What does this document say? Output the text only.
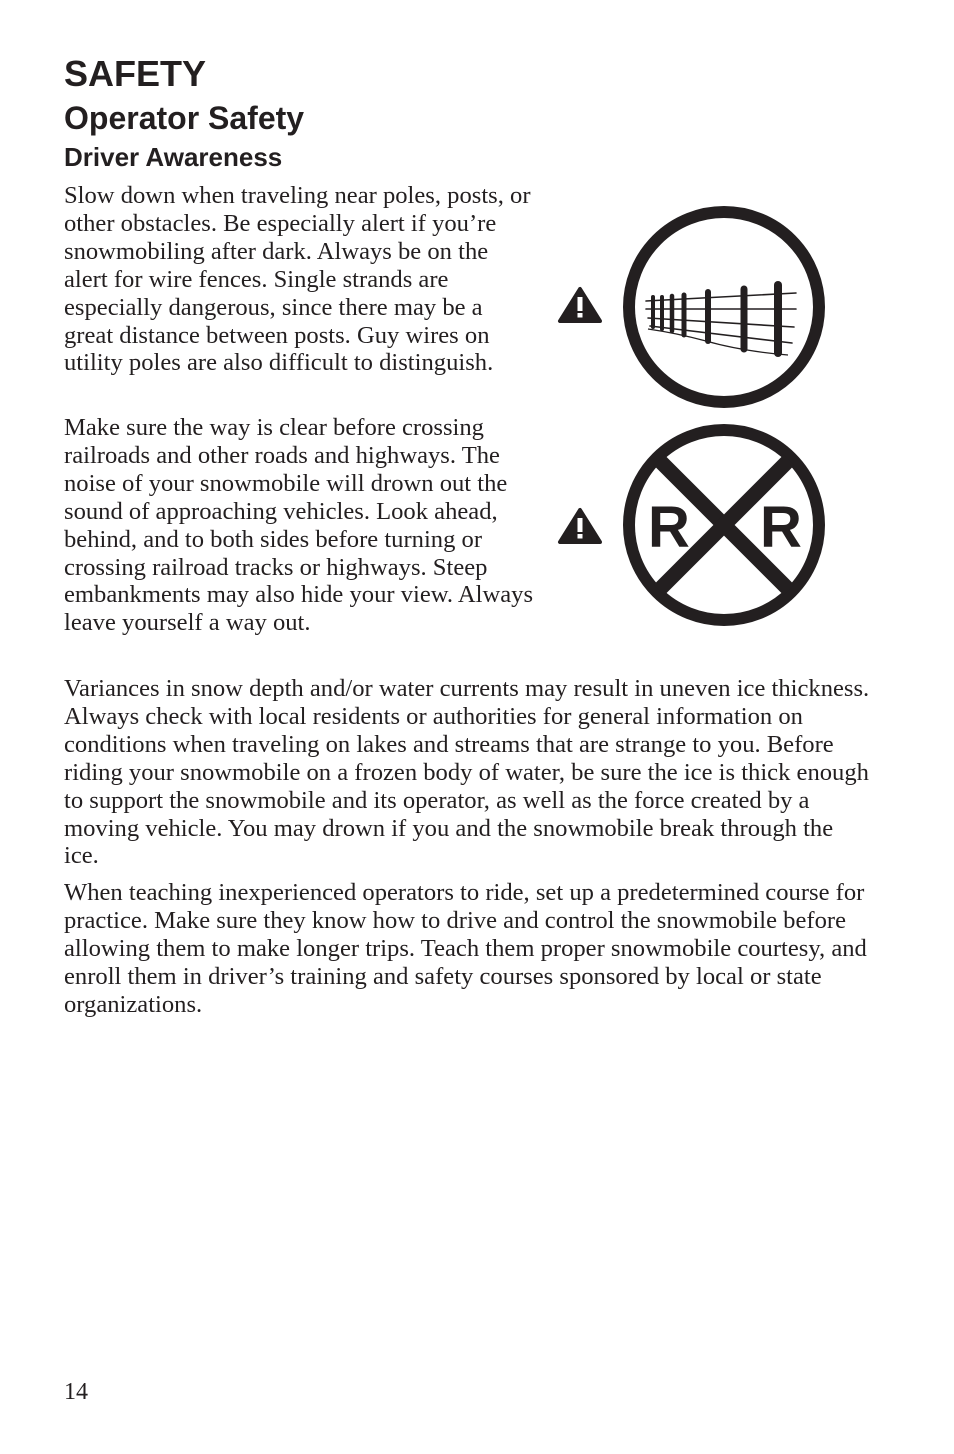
SAFETY
Operator Safety
Driver Awareness

Slow down when traveling near poles, posts, or other obstacles. Be especially alert if you’re snowmobiling after dark. Always be on the alert for wire fences. Single strands are especially dangerous, since there may be a great distance between posts. Guy wires on utility poles are also difficult to distinguish.

Make sure the way is clear before crossing railroads and other roads and highways. The noise of your snowmobile will drown out the sound of approaching vehicles. Look ahead, behind, and to both sides before turning or crossing railroad tracks or highways. Steep embankments may also hide your view. Always leave yourself a way out.

Variances in snow depth and/or water currents may result in uneven ice thickness. Always check with local residents or authorities for general information on conditions when traveling on lakes and streams that are strange to you. Before riding your snowmobile on a frozen body of water, be sure the ice is thick enough to support the snowmobile and its operator, as well as the force created by a moving vehicle. You may drown if you and the snowmobile break through the ice.

When teaching inexperienced operators to ride, set up a predetermined course for practice. Make sure they know how to drive and control the snowmobile before allowing them to make longer trips. Teach them proper snowmobile courtesy, and enroll them in driver’s training and safety courses sponsored by local or state organizations.

R R

14
